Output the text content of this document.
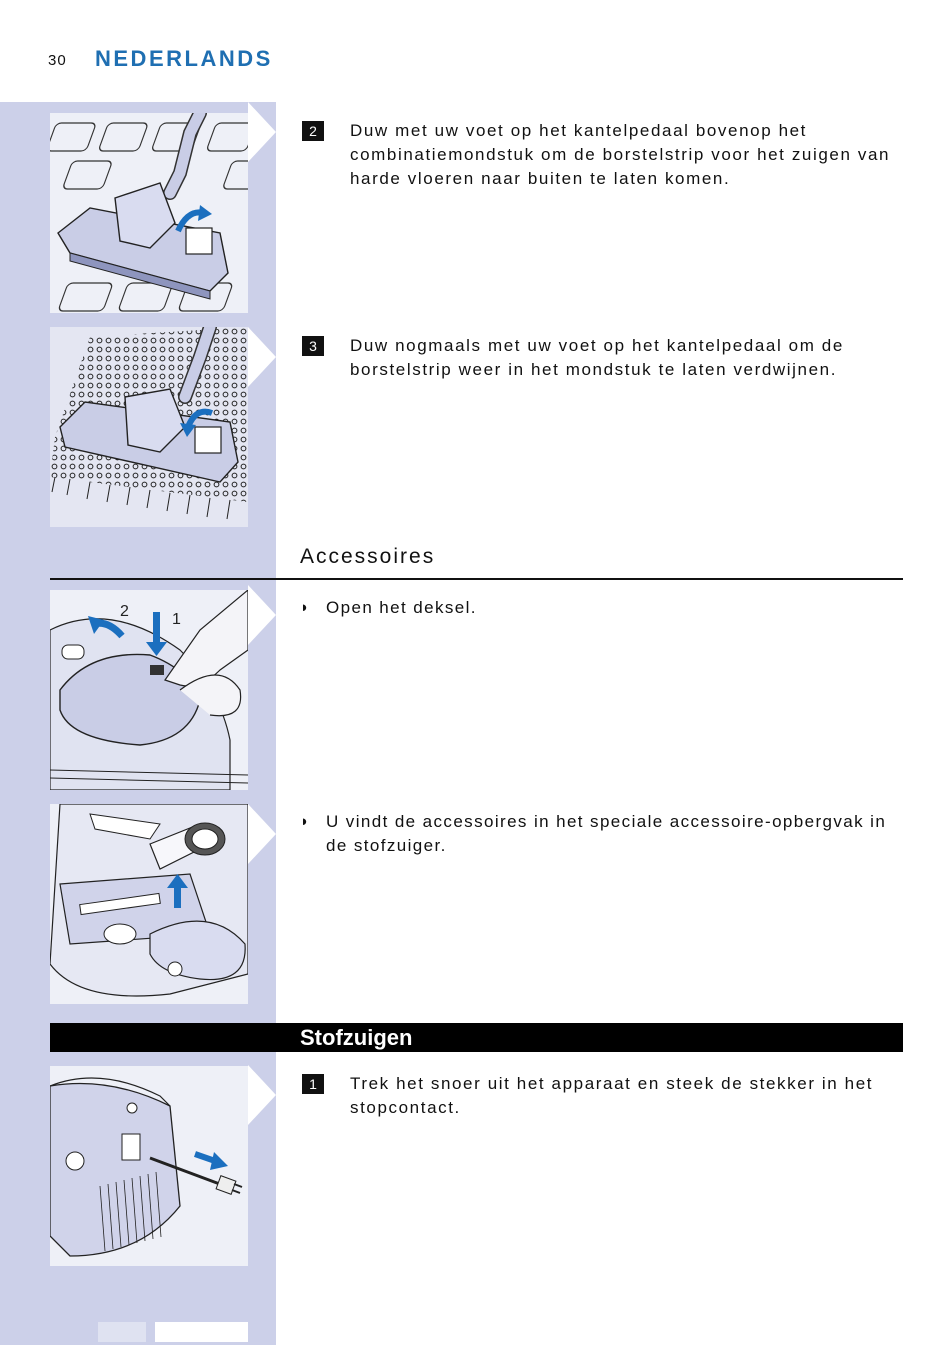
30	NEDERLANDS
2	Duw met uw voet op het kantelpedaal bovenop het combinatiemondstuk om de borstelstrip voor het zuigen van harde vloeren naar buiten te laten komen.
3	Duw nogmaals met uw voet op het kantelpedaal om de borstelstrip weer in het mondstuk te laten verdwijnen.
Accessoires
2	1
◗ Open het deksel.
◗ U vindt de accessoires in het speciale accessoire-opbergvak in de stofzuiger.
Stofzuigen
1	Trek het snoer uit het apparaat en steek de stekker in het stopcontact.
